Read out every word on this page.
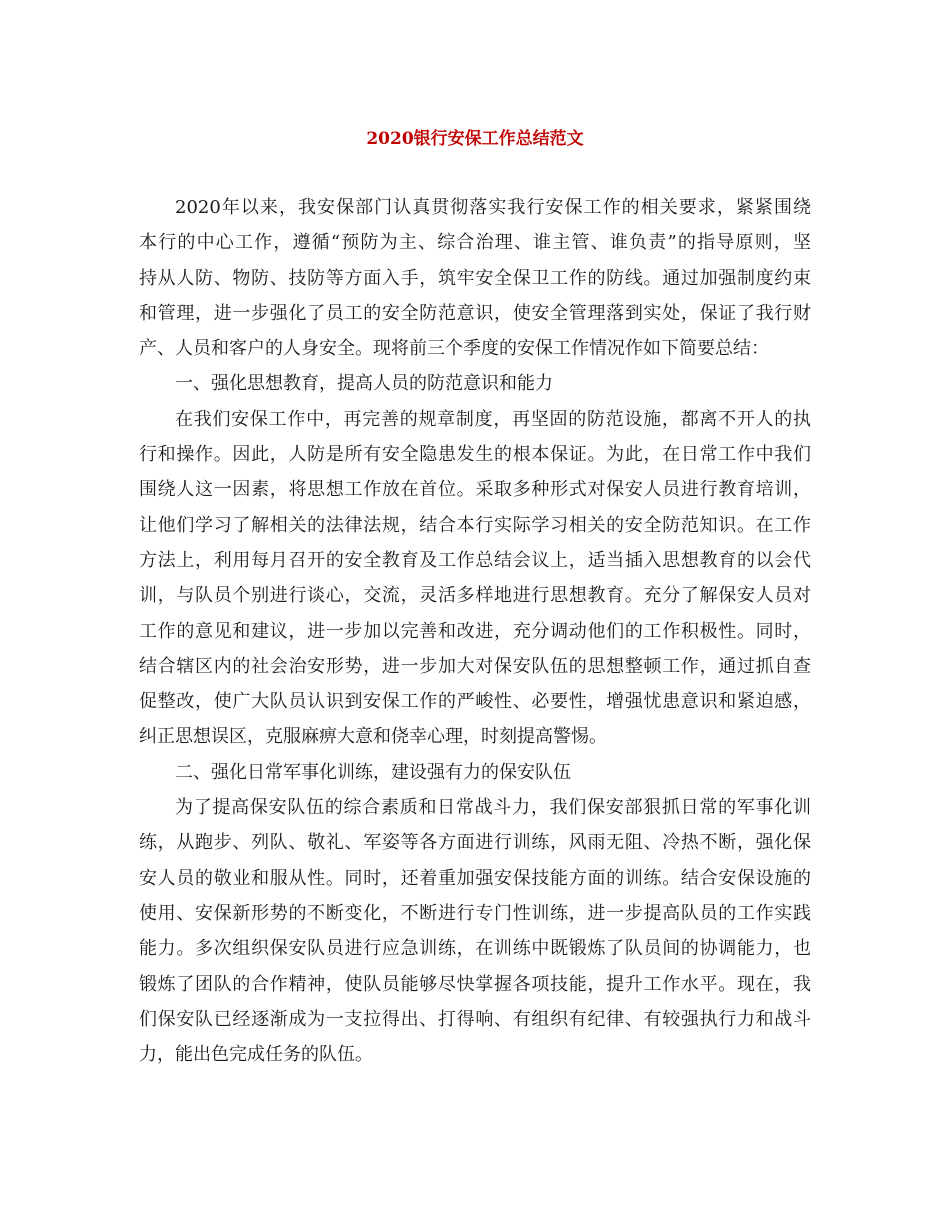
2020银行安保工作总结范文
2020年以来，我安保部门认真贯彻落实我行安保工作的相关要求，紧紧围绕
本行的中心工作，遵循“预防为主、综合治理、谁主管、谁负责”的指导原则，坚
持从人防、物防、技防等方面入手，筑牢安全保卫工作的防线。通过加强制度约束
和管理，进一步强化了员工的安全防范意识，使安全管理落到实处，保证了我行财
产、人员和客户的人身安全。现将前三个季度的安保工作情况作如下简要总结：
一、强化思想教育，提高人员的防范意识和能力
在我们安保工作中，再完善的规章制度，再坚固的防范设施，都离不开人的执
行和操作。因此，人防是所有安全隐患发生的根本保证。为此，在日常工作中我们
围绕人这一因素，将思想工作放在首位。采取多种形式对保安人员进行教育培训，
让他们学习了解相关的法律法规，结合本行实际学习相关的安全防范知识。在工作
方法上，利用每月召开的安全教育及工作总结会议上，适当插入思想教育的以会代
训，与队员个别进行谈心，交流，灵活多样地进行思想教育。充分了解保安人员对
工作的意见和建议，进一步加以完善和改进，充分调动他们的工作积极性。同时，
结合辖区内的社会治安形势，进一步加大对保安队伍的思想整顿工作，通过抓自查
促整改，使广大队员认识到安保工作的严峻性、必要性，增强忧患意识和紧迫感，
纠正思想误区，克服麻痹大意和侥幸心理，时刻提高警惕。
二、强化日常军事化训练，建设强有力的保安队伍
为了提高保安队伍的综合素质和日常战斗力，我们保安部狠抓日常的军事化训
练，从跑步、列队、敬礼、军姿等各方面进行训练，风雨无阻、冷热不断，强化保
安人员的敬业和服从性。同时，还着重加强安保技能方面的训练。结合安保设施的
使用、安保新形势的不断变化，不断进行专门性训练，进一步提高队员的工作实践
能力。多次组织保安队员进行应急训练，在训练中既锻炼了队员间的协调能力，也
锻炼了团队的合作精神，使队员能够尽快掌握各项技能，提升工作水平。现在，我
们保安队已经逐渐成为一支拉得出、打得响、有组织有纪律、有较强执行力和战斗
力，能出色完成任务的队伍。
